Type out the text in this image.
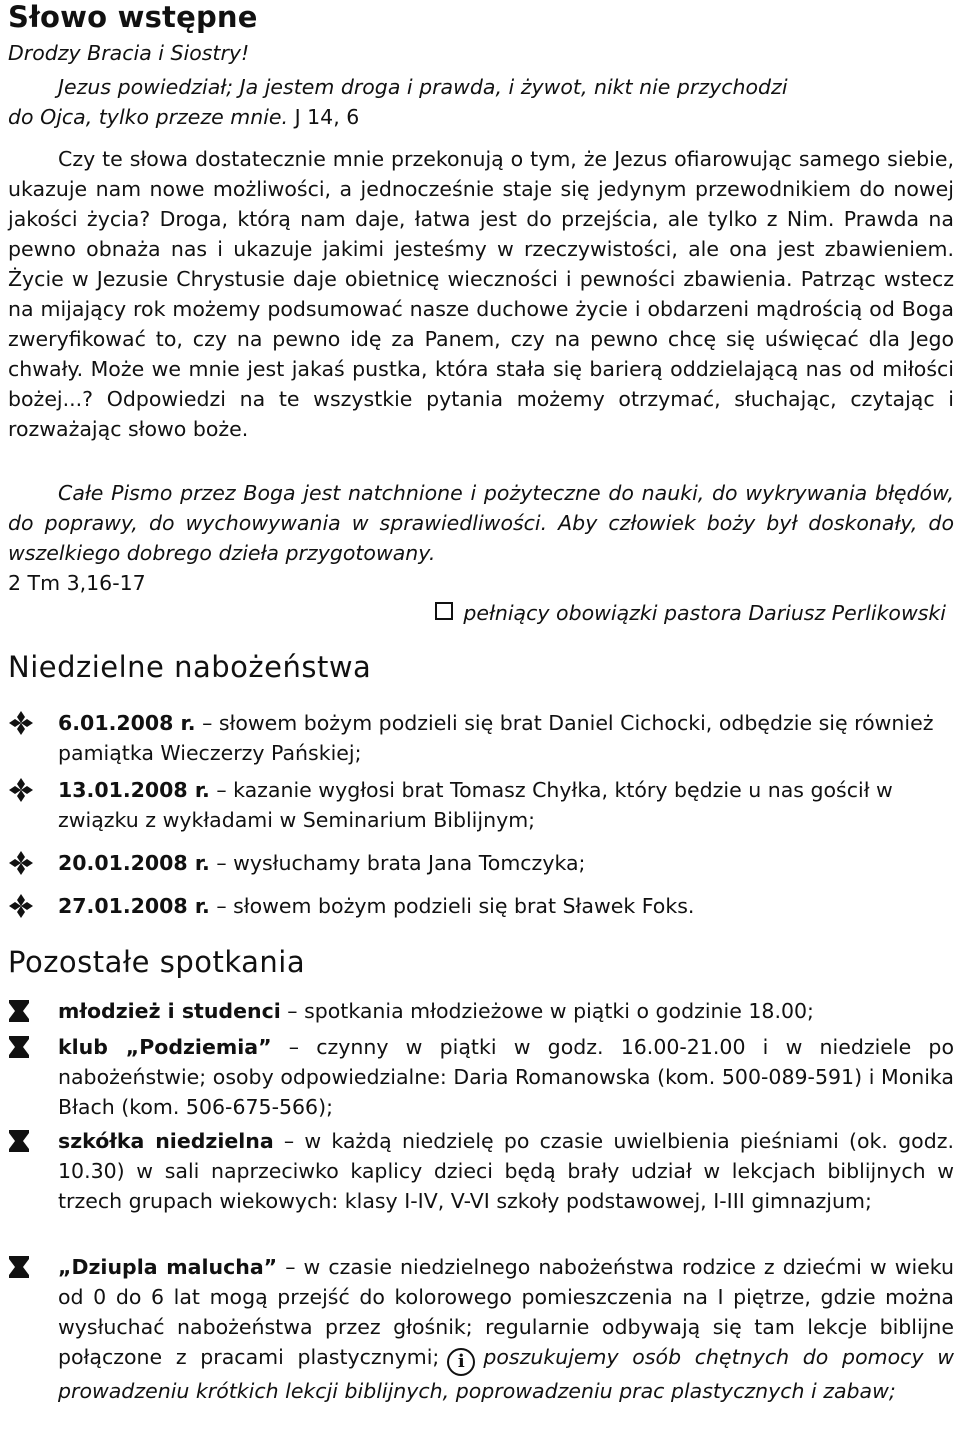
Słowo wstępne
Drodzy Bracia i Siostry!
Jezus powiedział; Ja jestem droga i prawda, i żywot, nikt nie przychodzi
do Ojca, tylko przeze mnie. J 14, 6
Czy te słowa dostatecznie mnie przekonują o tym, że Jezus ofiarowując samego siebie, ukazuje nam nowe możliwości, a jednocześnie staje się jedynym przewodnikiem do nowej jakości życia? Droga, którą nam daje, łatwa jest do przejścia, ale tylko z Nim. Prawda na pewno obnaża nas i ukazuje jakimi jesteśmy w rzeczywistości, ale ona jest zbawieniem. Życie w Jezusie Chrystusie daje obietnicę wieczności i pewności zbawienia. Patrząc wstecz na mijający rok możemy podsumować nasze duchowe życie i obdarzeni mądrością od Boga zweryfikować to, czy na pewno idę za Panem, czy na pewno chcę się uświęcać dla Jego chwały. Może we mnie jest jakaś pustka, która stała się barierą oddzielającą nas od miłości bożej...? Odpowiedzi na te wszystkie pytania możemy otrzymać, słuchając, czytając i rozważając słowo boże.
Całe Pismo przez Boga jest natchnione i pożyteczne do nauki, do wykrywania błędów, do poprawy, do wychowywania w sprawiedliwości. Aby człowiek boży był doskonały, do wszelkiego dobrego dzieła przygotowany.
2 Tm 3,16-17
pełniący obowiązki pastora Dariusz Perlikowski
Niedzielne nabożeństwa
6.01.2008 r. – słowem bożym podzieli się brat Daniel Cichocki, odbędzie się również pamiątka Wieczerzy Pańskiej;
13.01.2008 r. – kazanie wygłosi brat Tomasz Chyłka, który będzie u nas gościł w związku z wykładami w Seminarium Biblijnym;
20.01.2008 r. – wysłuchamy brata Jana Tomczyka;
27.01.2008 r. – słowem bożym podzieli się brat Sławek Foks.
Pozostałe spotkania
młodzież i studenci – spotkania młodzieżowe w piątki o godzinie 18.00;
klub „Podziemia” – czynny w piątki w godz. 16.00-21.00 i w niedziele po nabożeństwie; osoby odpowiedzialne: Daria Romanowska (kom. 500-089-591) i Monika Błach (kom. 506-675-566);
szkółka niedzielna – w każdą niedzielę po czasie uwielbienia pieśniami (ok. godz. 10.30) w sali naprzeciwko kaplicy dzieci będą brały udział w lekcjach biblijnych w trzech grupach wiekowych: klasy I-IV, V-VI szkoły podstawowej, I-III gimnazjum;
„Dziupla malucha” – w czasie niedzielnego nabożeństwa rodzice z dziećmi w wieku od 0 do 6 lat mogą przejść do kolorowego pomieszczenia na I piętrze, gdzie można wysłuchać nabożeństwa przez głośnik; regularnie odbywają się tam lekcje biblijne połączone z pracami plastycznymi; i poszukujemy osób chętnych do pomocy w prowadzeniu krótkich lekcji biblijnych, poprowadzeniu prac plastycznych i zabaw;
